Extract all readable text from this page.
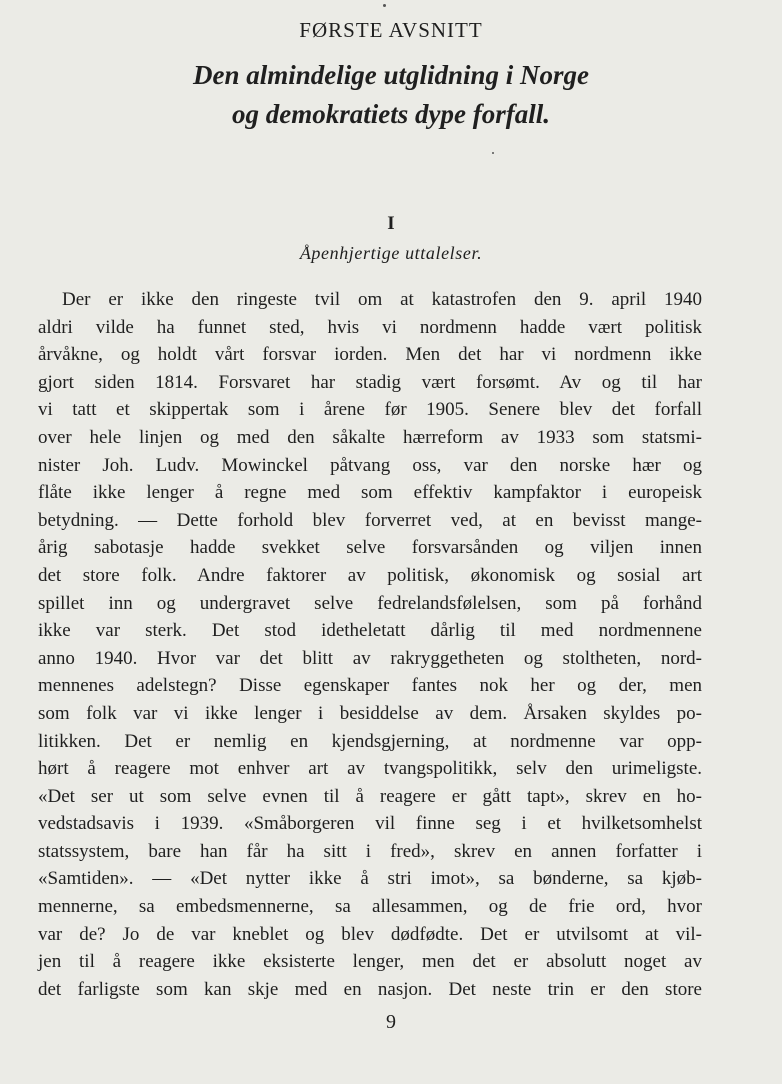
FØRSTE AVSNITT
Den almindelige utglidning i Norge
og demokratiets dype forfall.
I
Åpenhjertige uttalelser.
Der er ikke den ringeste tvil om at katastrofen den 9. april 1940
aldri vilde ha funnet sted, hvis vi nordmenn hadde vært politisk
årvåkne, og holdt vårt forsvar iorden. Men det har vi nordmenn ikke
gjort siden 1814. Forsvaret har stadig vært forsømt. Av og til har
vi tatt et skippertak som i årene før 1905. Senere blev det forfall
over hele linjen og med den såkalte hærreform av 1933 som statsmi-
nister Joh. Ludv. Mowinckel påtvang oss, var den norske hær og
flåte ikke lenger å regne med som effektiv kampfaktor i europeisk
betydning. — Dette forhold blev forverret ved, at en bevisst mange-
årig sabotasje hadde svekket selve forsvarsånden og viljen innen
det store folk. Andre faktorer av politisk, økonomisk og sosial art
spillet inn og undergravet selve fedrelandsfølelsen, som på forhånd
ikke var sterk. Det stod idetheletatt dårlig til med nordmennene
anno 1940. Hvor var det blitt av rakryggetheten og stoltheten, nord-
mennenes adelstegn? Disse egenskaper fantes nok her og der, men
som folk var vi ikke lenger i besiddelse av dem. Årsaken skyldes po-
litikken. Det er nemlig en kjendsgjerning, at nordmenne var opp-
hørt å reagere mot enhver art av tvangspolitikk, selv den urimeligste.
«Det ser ut som selve evnen til å reagere er gått tapt», skrev en ho-
vedstadsavis i 1939. «Småborgeren vil finne seg i et hvilketsomhelst
statssystem, bare han får ha sitt i fred», skrev en annen forfatter i
«Samtiden». — «Det nytter ikke å stri imot», sa bønderne, sa kjøb-
mennerne, sa embedsmennerne, sa allesammen, og de frie ord, hvor
var de? Jo de var kneblet og blev dødfødte. Det er utvilsomt at vil-
jen til å reagere ikke eksisterte lenger, men det er absolutt noget av
det farligste som kan skje med en nasjon. Det neste trin er den store
9
